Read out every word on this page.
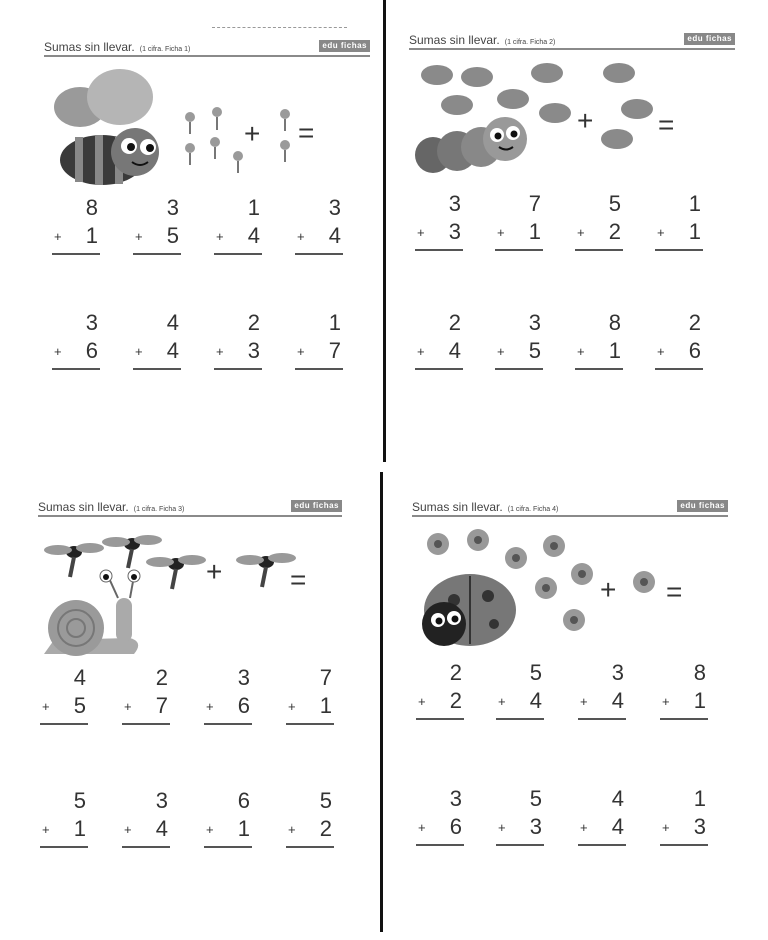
Sumas sin llevar. (1 cifra. Ficha 1)	edu fichas
+ =
8
+ 1
3
+ 5
1
+ 4
3
+ 4
3
+ 6
4
+ 4
2
+ 3
1
+ 7
Sumas sin llevar. (1 cifra. Ficha 2)	edu fichas
+ =
3
+ 3
7
+ 1
5
+ 2
1
+ 1
2
+ 4
3
+ 5
8
+ 1
2
+ 6
Sumas sin llevar. (1 cifra. Ficha 3)	edu fichas
+ =
4
+ 5
2
+ 7
3
+ 6
7
+ 1
5
+ 1
3
+ 4
6
+ 1
5
+ 2
Sumas sin llevar. (1 cifra. Ficha 4)	edu fichas
+ =
2
+ 2
5
+ 4
3
+ 4
8
+ 1
3
+ 6
5
+ 3
4
+ 4
1
+ 3
